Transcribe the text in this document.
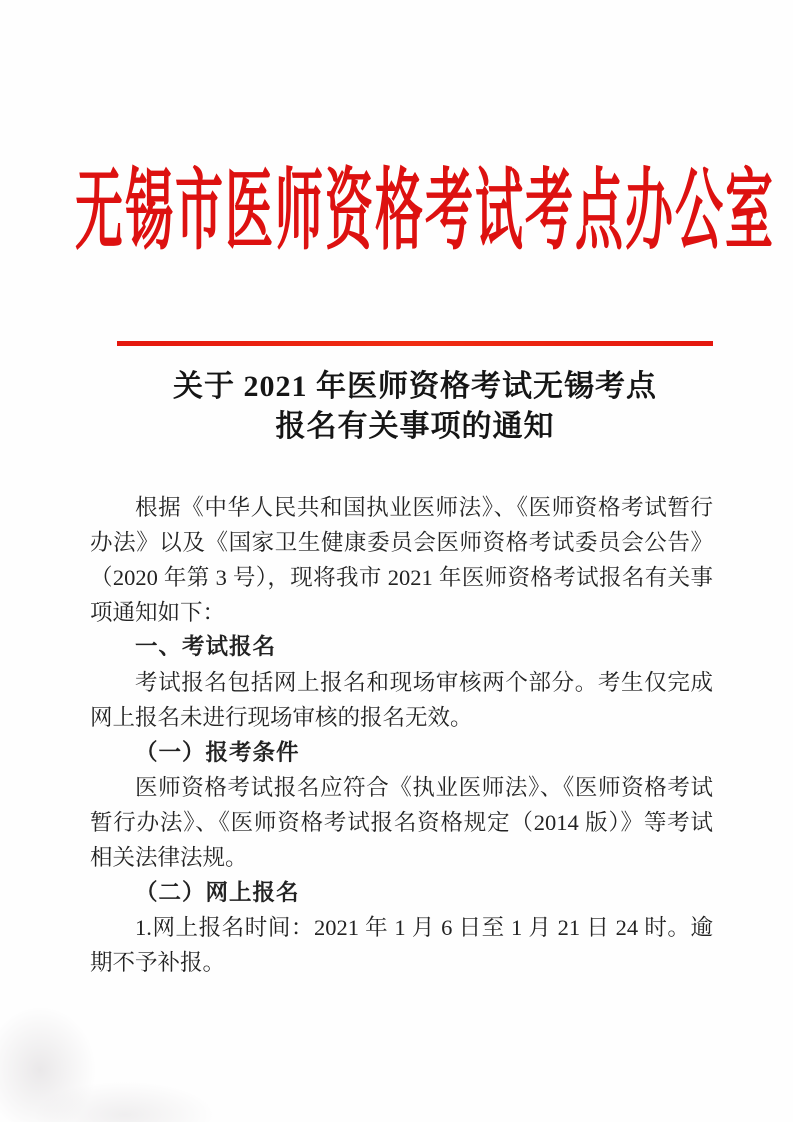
无锡市医师资格考试考点办公室
关于 2021 年医师资格考试无锡考点
报名有关事项的通知

根据《中华人民共和国执业医师法》、《医师资格考试暂行办法》以及《国家卫生健康委员会医师资格考试委员会公告》（2020 年第 3 号），现将我市 2021 年医师资格考试报名有关事项通知如下：

一、考试报名

考试报名包括网上报名和现场审核两个部分。考生仅完成网上报名未进行现场审核的报名无效。

（一）报考条件

医师资格考试报名应符合《执业医师法》、《医师资格考试暂行办法》、《医师资格考试报名资格规定（2014 版）》等考试相关法律法规。

（二）网上报名

1.网上报名时间：2021 年 1 月 6 日至 1 月 21 日 24 时。逾期不予补报。
